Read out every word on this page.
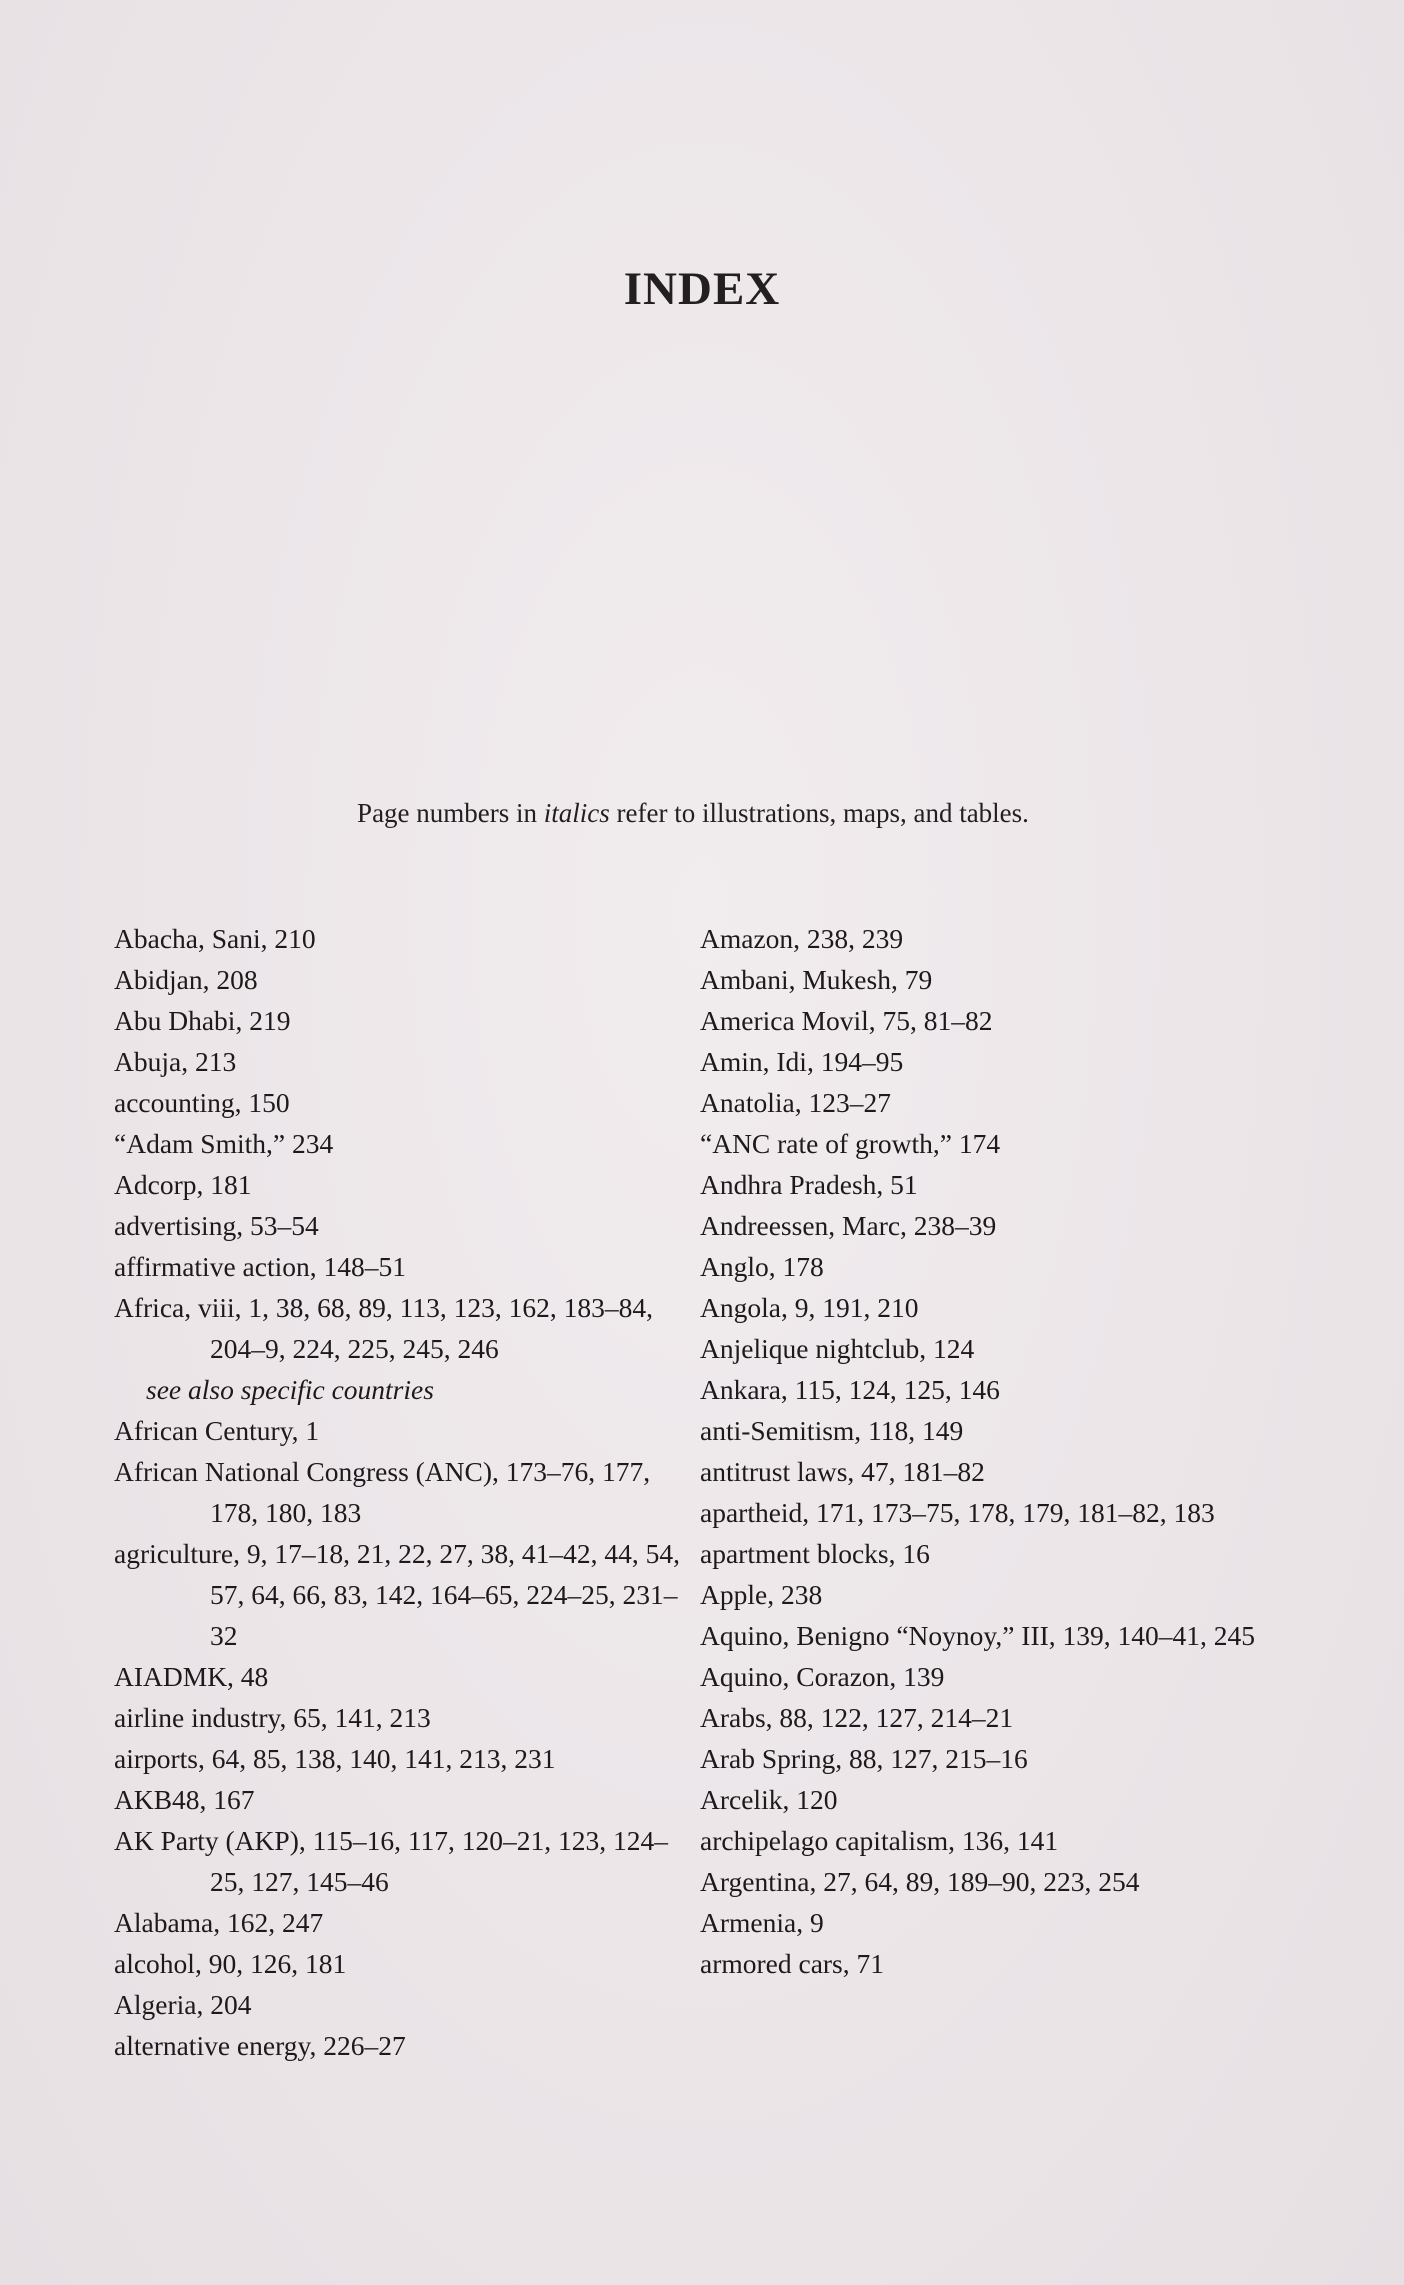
INDEX
Page numbers in italics refer to illustrations, maps, and tables.
Abacha, Sani, 210
Abidjan, 208
Abu Dhabi, 219
Abuja, 213
accounting, 150
“Adam Smith,” 234
Adcorp, 181
advertising, 53–54
affirmative action, 148–51
Africa, viii, 1, 38, 68, 89, 113, 123, 162, 183–84, 204–9, 224, 225, 245, 246
see also specific countries
African Century, 1
African National Congress (ANC), 173–76, 177, 178, 180, 183
agriculture, 9, 17–18, 21, 22, 27, 38, 41–42, 44, 54, 57, 64, 66, 83, 142, 164–65, 224–25, 231–32
AIADMK, 48
airline industry, 65, 141, 213
airports, 64, 85, 138, 140, 141, 213, 231
AKB48, 167
AK Party (AKP), 115–16, 117, 120–21, 123, 124–25, 127, 145–46
Alabama, 162, 247
alcohol, 90, 126, 181
Algeria, 204
alternative energy, 226–27
Amazon, 238, 239
Ambani, Mukesh, 79
America Movil, 75, 81–82
Amin, Idi, 194–95
Anatolia, 123–27
“ANC rate of growth,” 174
Andhra Pradesh, 51
Andreessen, Marc, 238–39
Anglo, 178
Angola, 9, 191, 210
Anjelique nightclub, 124
Ankara, 115, 124, 125, 146
anti-Semitism, 118, 149
antitrust laws, 47, 181–82
apartheid, 171, 173–75, 178, 179, 181–82, 183
apartment blocks, 16
Apple, 238
Aquino, Benigno “Noynoy,” III, 139, 140–41, 245
Aquino, Corazon, 139
Arabs, 88, 122, 127, 214–21
Arab Spring, 88, 127, 215–16
Arcelik, 120
archipelago capitalism, 136, 141
Argentina, 27, 64, 89, 189–90, 223, 254
Armenia, 9
armored cars, 71
